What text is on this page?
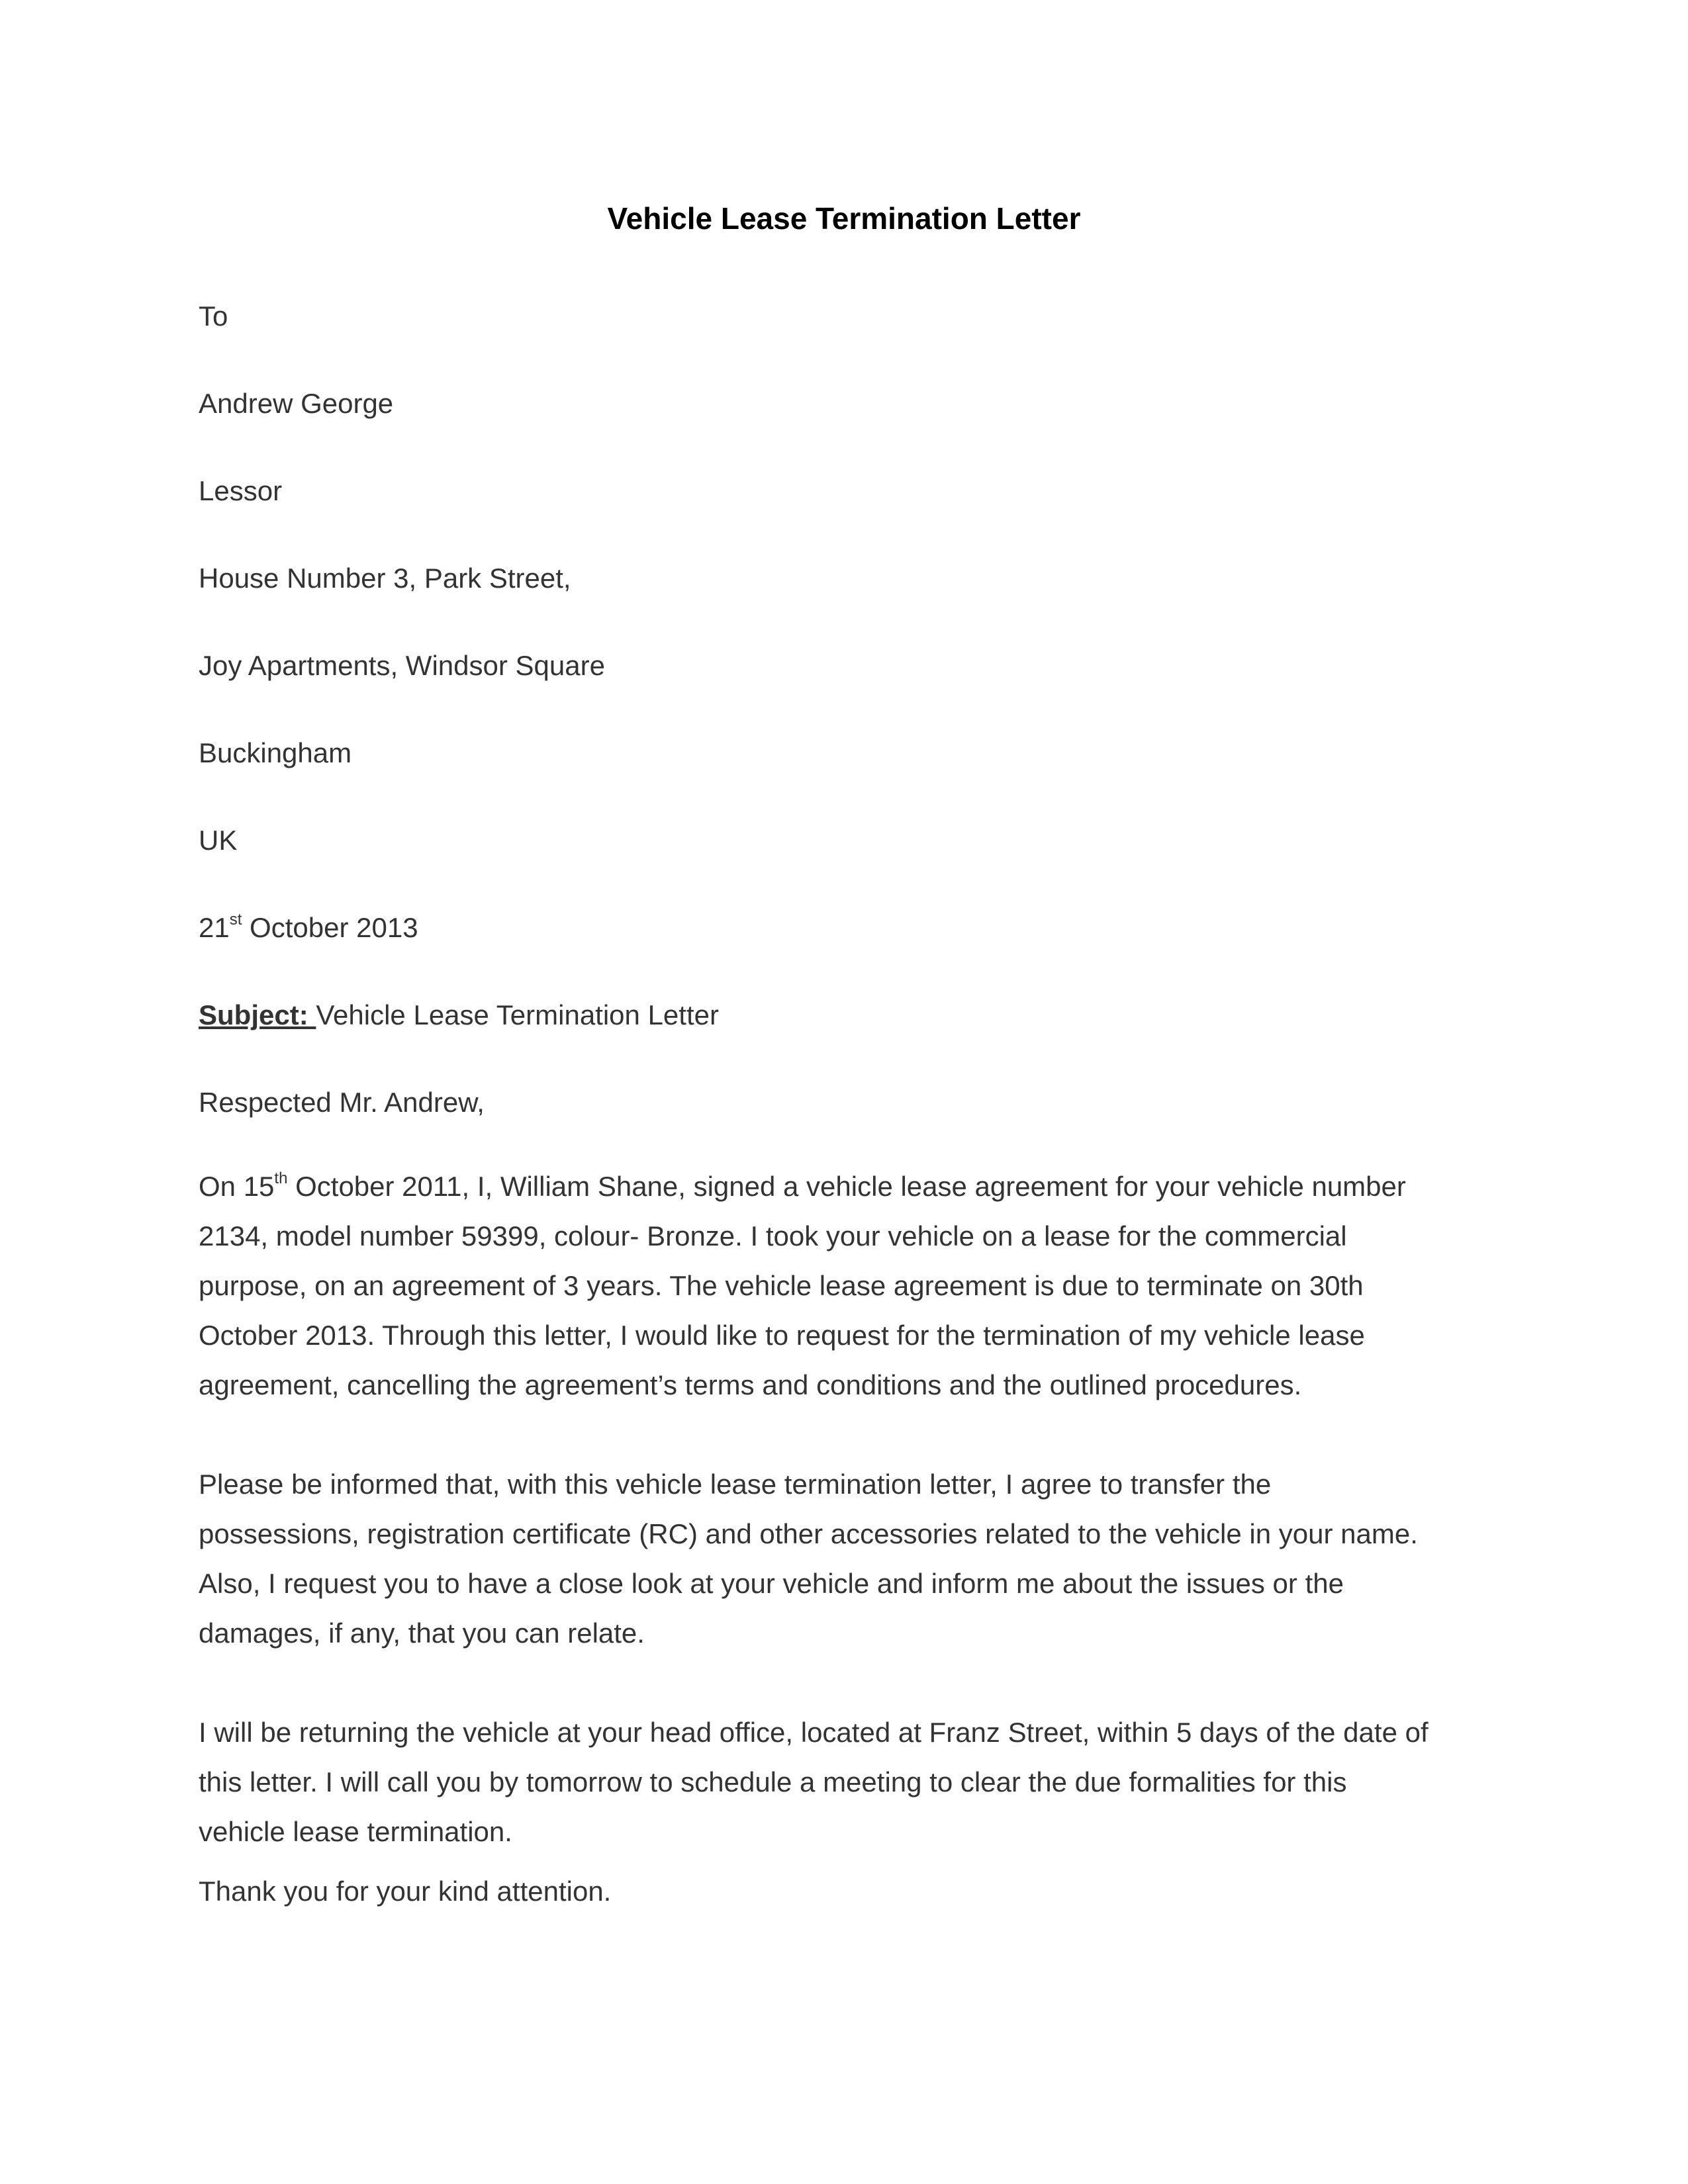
Vehicle Lease Termination Letter
To
Andrew George
Lessor
House Number 3, Park Street,
Joy Apartments, Windsor Square
Buckingham
UK
21st October 2013
Subject: Vehicle Lease Termination Letter
Respected Mr. Andrew,
On 15th October 2011, I, William Shane, signed a vehicle lease agreement for your vehicle number
2134, model number 59399, colour- Bronze. I took your vehicle on a lease for the commercial
purpose, on an agreement of 3 years. The vehicle lease agreement is due to terminate on 30th
October 2013. Through this letter, I would like to request for the termination of my vehicle lease
agreement, cancelling the agreement’s terms and conditions and the outlined procedures.
Please be informed that, with this vehicle lease termination letter, I agree to transfer the
possessions, registration certificate (RC) and other accessories related to the vehicle in your name.
Also, I request you to have a close look at your vehicle and inform me about the issues or the
damages, if any, that you can relate.
I will be returning the vehicle at your head office, located at Franz Street, within 5 days of the date of
this letter. I will call you by tomorrow to schedule a meeting to clear the due formalities for this
vehicle lease termination.
Thank you for your kind attention.
